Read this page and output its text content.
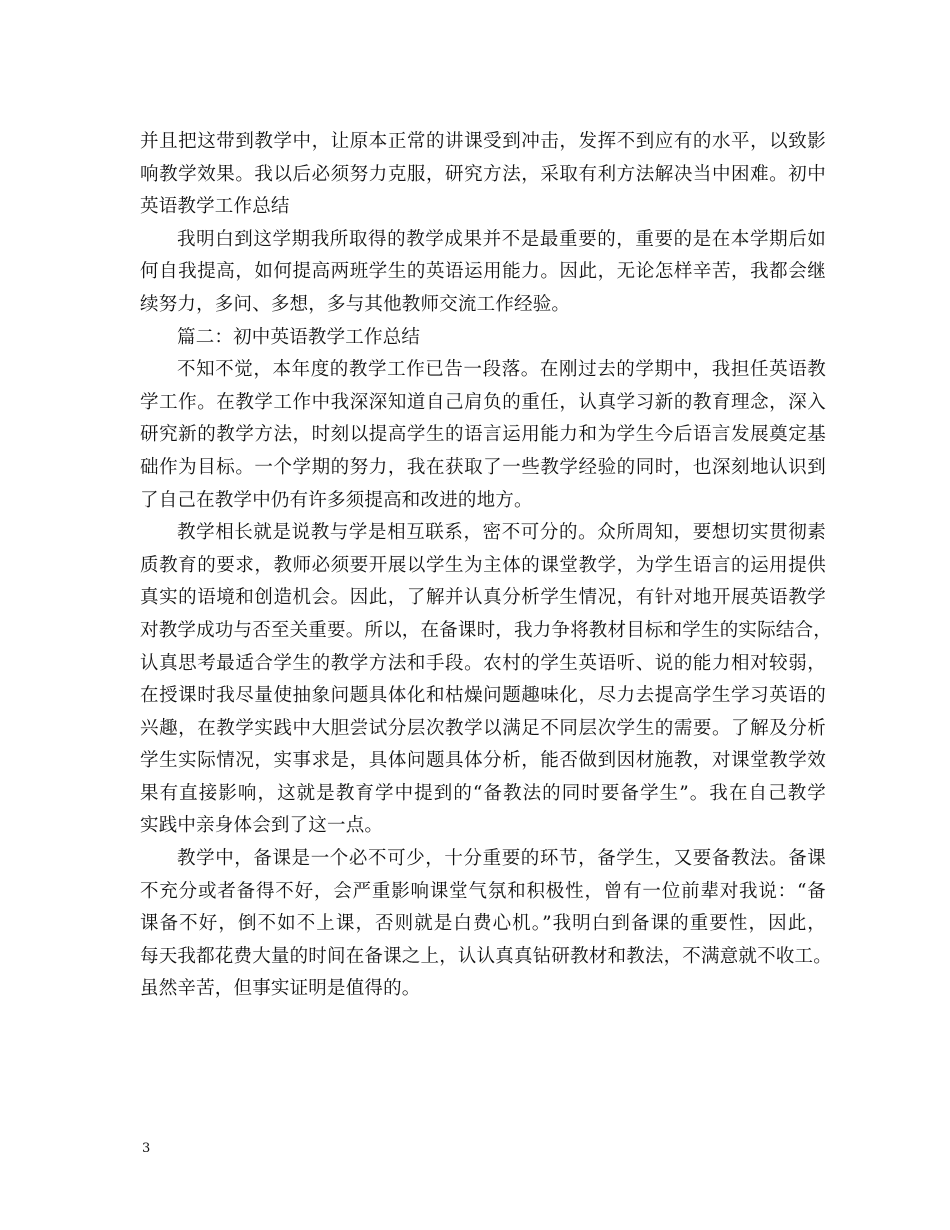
并且把这带到教学中，让原本正常的讲课受到冲击，发挥不到应有的水平，以致影
响教学效果。我以后必须努力克服，研究方法，采取有利方法解决当中困难。初中
英语教学工作总结
我明白到这学期我所取得的教学成果并不是最重要的，重要的是在本学期后如
何自我提高，如何提高两班学生的英语运用能力。因此，无论怎样辛苦，我都会继
续努力，多问、多想，多与其他教师交流工作经验。
篇二：初中英语教学工作总结
不知不觉，本年度的教学工作已告一段落。在刚过去的学期中，我担任英语教
学工作。在教学工作中我深深知道自己肩负的重任，认真学习新的教育理念，深入
研究新的教学方法，时刻以提高学生的语言运用能力和为学生今后语言发展奠定基
础作为目标。一个学期的努力，我在获取了一些教学经验的同时，也深刻地认识到
了自己在教学中仍有许多须提高和改进的地方。
教学相长就是说教与学是相互联系，密不可分的。众所周知，要想切实贯彻素
质教育的要求，教师必须要开展以学生为主体的课堂教学，为学生语言的运用提供
真实的语境和创造机会。因此，了解并认真分析学生情况，有针对地开展英语教学
对教学成功与否至关重要。所以，在备课时，我力争将教材目标和学生的实际结合，
认真思考最适合学生的教学方法和手段。农村的学生英语听、说的能力相对较弱，
在授课时我尽量使抽象问题具体化和枯燥问题趣味化，尽力去提高学生学习英语的
兴趣，在教学实践中大胆尝试分层次教学以满足不同层次学生的需要。了解及分析
学生实际情况，实事求是，具体问题具体分析，能否做到因材施教，对课堂教学效
果有直接影响，这就是教育学中提到的“备教法的同时要备学生”。我在自己教学
实践中亲身体会到了这一点。
教学中，备课是一个必不可少，十分重要的环节，备学生，又要备教法。备课
不充分或者备得不好，会严重影响课堂气氛和积极性，曾有一位前辈对我说：“备
课备不好，倒不如不上课，否则就是白费心机。”我明白到备课的重要性，因此，
每天我都花费大量的时间在备课之上，认认真真钻研教材和教法，不满意就不收工。
虽然辛苦，但事实证明是值得的。
3
